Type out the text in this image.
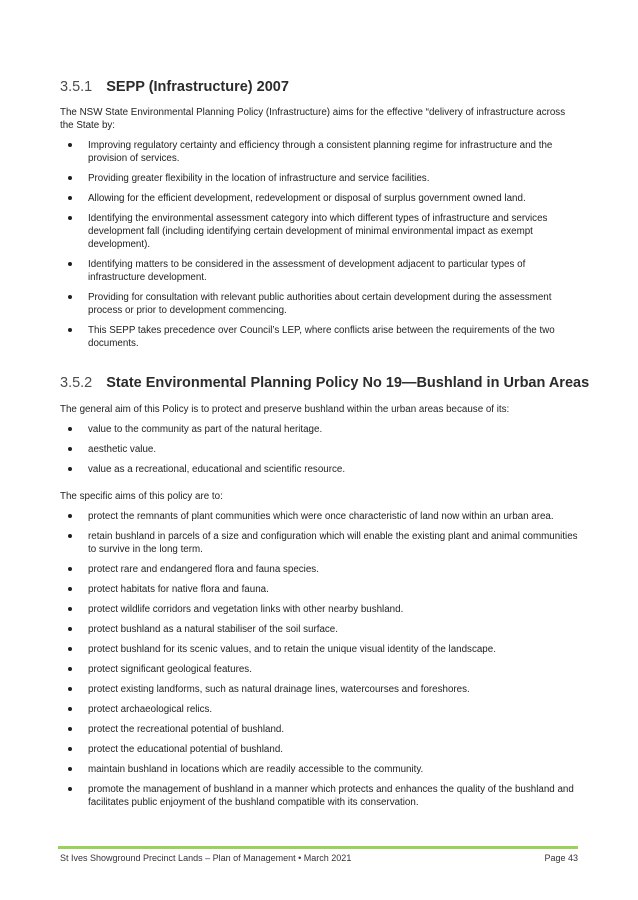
3.5.1 SEPP (Infrastructure) 2007
The NSW State Environmental Planning Policy (Infrastructure) aims for the effective “delivery of infrastructure across the State by:
Improving regulatory certainty and efficiency through a consistent planning regime for infrastructure and the provision of services.
Providing greater flexibility in the location of infrastructure and service facilities.
Allowing for the efficient development, redevelopment or disposal of surplus government owned land.
Identifying the environmental assessment category into which different types of infrastructure and services development fall (including identifying certain development of minimal environmental impact as exempt development).
Identifying matters to be considered in the assessment of development adjacent to particular types of infrastructure development.
Providing for consultation with relevant public authorities about certain development during the assessment process or prior to development commencing.
This SEPP takes precedence over Council’s LEP, where conflicts arise between the requirements of the two documents.
3.5.2 State Environmental Planning Policy No 19—Bushland in Urban Areas
The general aim of this Policy is to protect and preserve bushland within the urban areas because of its:
value to the community as part of the natural heritage.
aesthetic value.
value as a recreational, educational and scientific resource.
The specific aims of this policy are to:
protect the remnants of plant communities which were once characteristic of land now within an urban area.
retain bushland in parcels of a size and configuration which will enable the existing plant and animal communities to survive in the long term.
protect rare and endangered flora and fauna species.
protect habitats for native flora and fauna.
protect wildlife corridors and vegetation links with other nearby bushland.
protect bushland as a natural stabiliser of the soil surface.
protect bushland for its scenic values, and to retain the unique visual identity of the landscape.
protect significant geological features.
protect existing landforms, such as natural drainage lines, watercourses and foreshores.
protect archaeological relics.
protect the recreational potential of bushland.
protect the educational potential of bushland.
maintain bushland in locations which are readily accessible to the community.
promote the management of bushland in a manner which protects and enhances the quality of the bushland and facilitates public enjoyment of the bushland compatible with its conservation.
St Ives Showground Precinct Lands – Plan of Management • March 2021	Page 43
